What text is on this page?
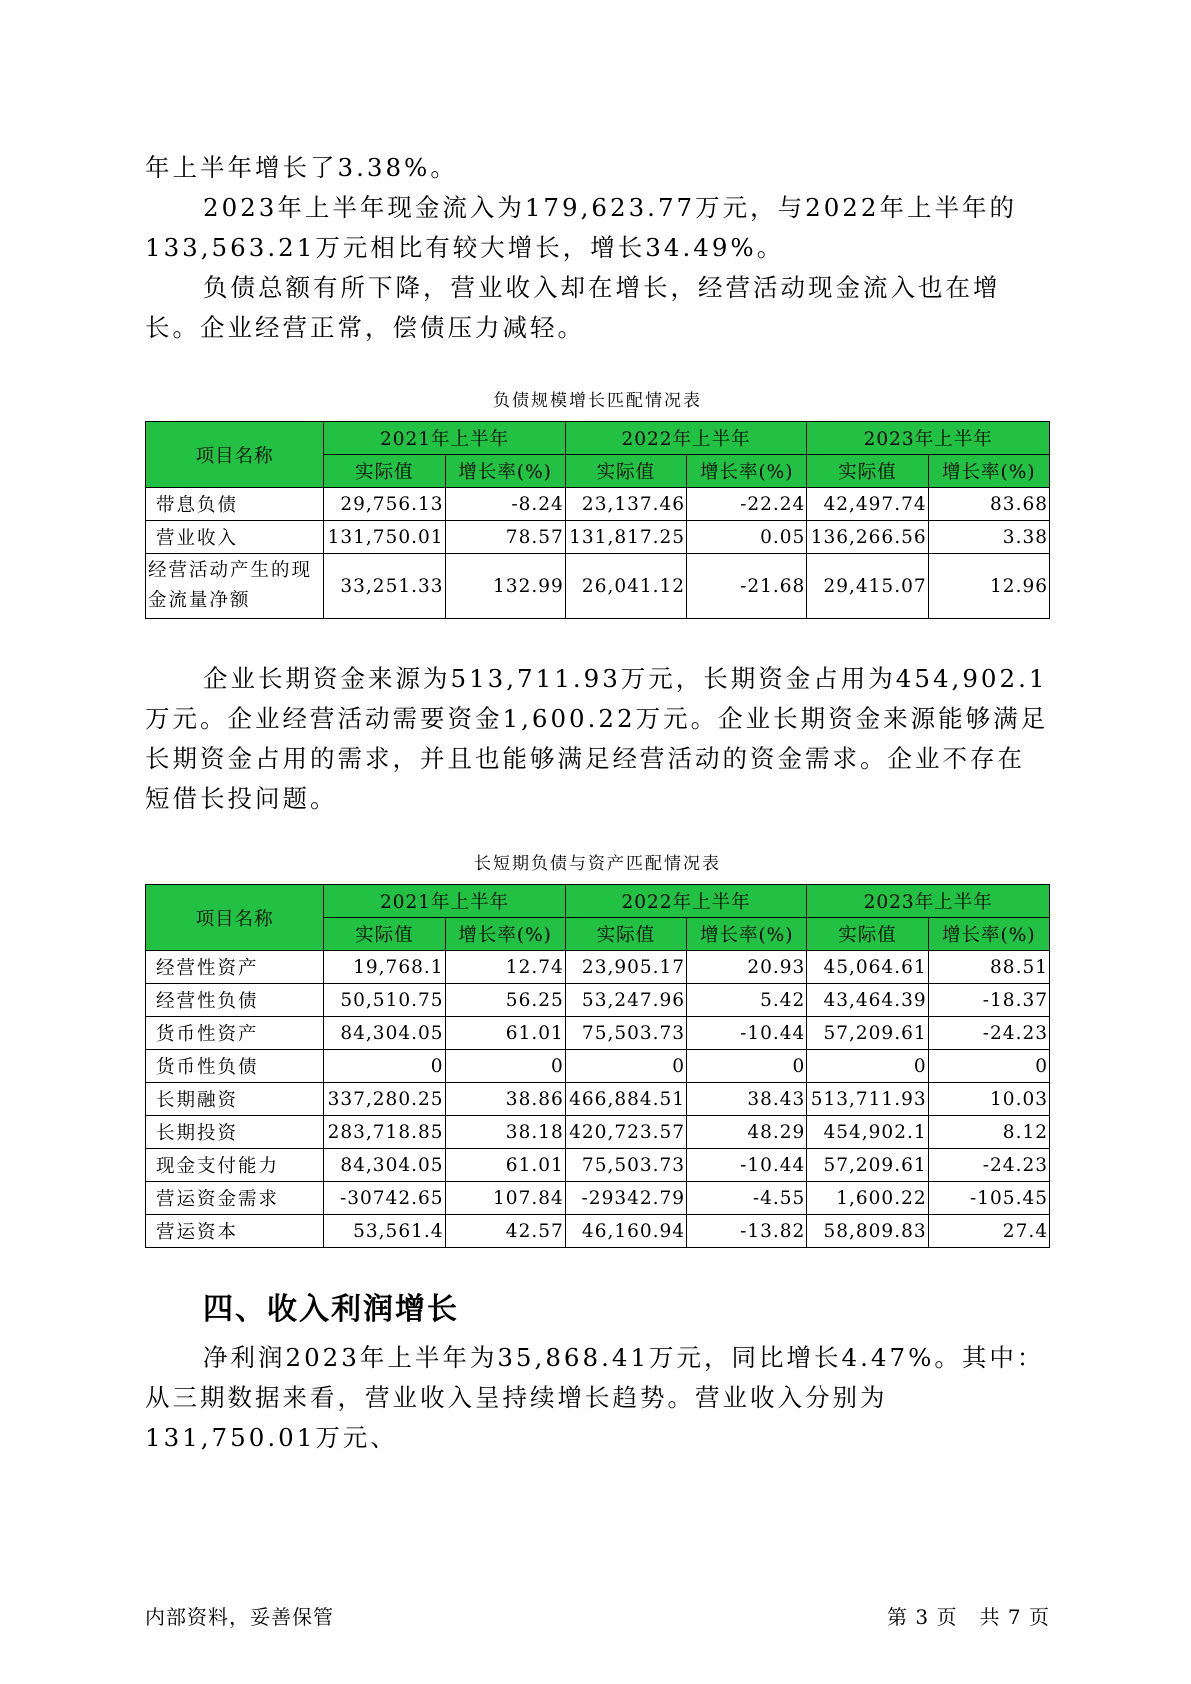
年上半年增长了3.38%。

2023年上半年现金流入为179,623.77万元，与2022年上半年的133,563.21万元相比有较大增长，增长34.49%。

负债总额有所下降，营业收入却在增长，经营活动现金流入也在增长。企业经营正常，偿债压力减轻。

负债规模增长匹配情况表
项目名称	2021年上半年		2022年上半年		2023年上半年	
	实际值	增长率(%)	实际值	增长率(%)	实际值	增长率(%)
带息负债	29,756.13	-8.24	23,137.46	-22.24	42,497.74	83.68
营业收入	131,750.01	78.57	131,817.25	0.05	136,266.56	3.38
经营活动产生的现金流量净额	33,251.33	132.99	26,041.12	-21.68	29,415.07	12.96

企业长期资金来源为513,711.93万元，长期资金占用为454,902.1万元。企业经营活动需要资金1,600.22万元。企业长期资金来源能够满足长期资金占用的需求，并且也能够满足经营活动的资金需求。企业不存在短借长投问题。

长短期负债与资产匹配情况表
项目名称	2021年上半年		2022年上半年		2023年上半年	
	实际值	增长率(%)	实际值	增长率(%)	实际值	增长率(%)
经营性资产	19,768.1	12.74	23,905.17	20.93	45,064.61	88.51
经营性负债	50,510.75	56.25	53,247.96	5.42	43,464.39	-18.37
货币性资产	84,304.05	61.01	75,503.73	-10.44	57,209.61	-24.23
货币性负债	0	0	0	0	0	0
长期融资	337,280.25	38.86	466,884.51	38.43	513,711.93	10.03
长期投资	283,718.85	38.18	420,723.57	48.29	454,902.1	8.12
现金支付能力	84,304.05	61.01	75,503.73	-10.44	57,209.61	-24.23
营运资金需求	-30742.65	107.84	-29342.79	-4.55	1,600.22	-105.45
营运资本	53,561.4	42.57	46,160.94	-13.82	58,809.83	27.4
四、收入利润增长

净利润2023年上半年为35,868.41万元，同比增长4.47%。其中：从三期数据来看，营业收入呈持续增长趋势。营业收入分别为131,750.01万元、

内部资料，妥善保管	第 3 页   共 7 页
